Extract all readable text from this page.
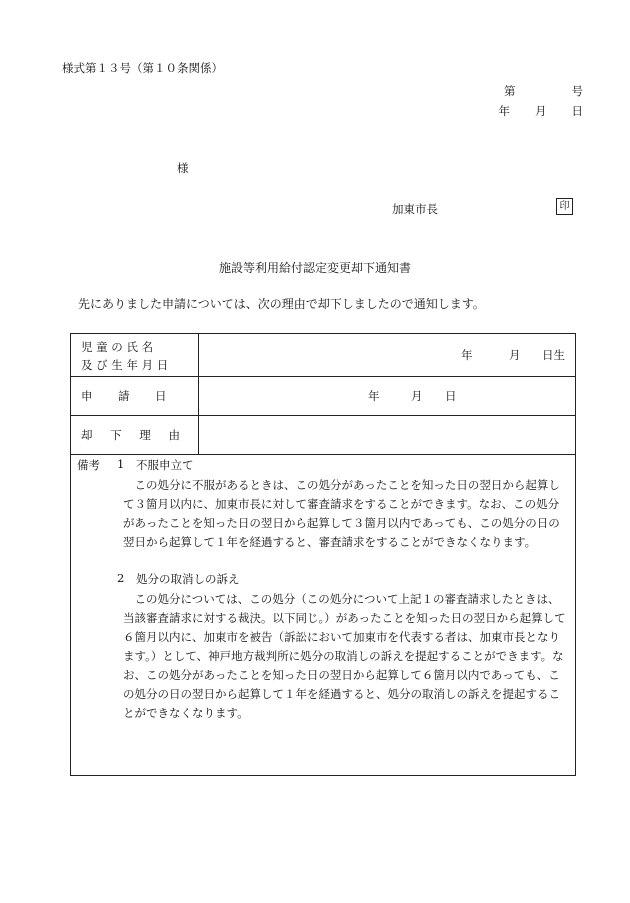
様式第１３号（第１０条関係）
第	号
年 月 日
様
加東市長	印
施設等利用給付認定変更却下通知書
先にありました申請については、次の理由で却下しましたので通知します。
児 童 の 氏 名
及 び 生 年 月 日
年	月 日生
申　請　日	年	月 日
却 下 理 由
備考 1 不服申立て
この処分に不服があるときは、この処分があったことを知った日の翌日から起算して３箇月以内に、加東市長に対して審査請求をすることができます。なお、この処分があったことを知った日の翌日から起算して３箇月以内であっても、この処分の日の翌日から起算して１年を経過すると、審査請求をすることができなくなります。
2 処分の取消しの訴え
この処分については、この処分（この処分について上記１の審査請求したときは、当該審査請求に対する裁決。以下同じ。）があったことを知った日の翌日から起算して６箇月以内に、加東市を被告（訴訟において加東市を代表する者は、加東市長となります。）として、神戸地方裁判所に処分の取消しの訴えを提起することができます。なお、この処分があったことを知った日の翌日から起算して６箇月以内であっても、この処分の日の翌日から起算して１年を経過すると、処分の取消しの訴えを提起することができなくなります。
